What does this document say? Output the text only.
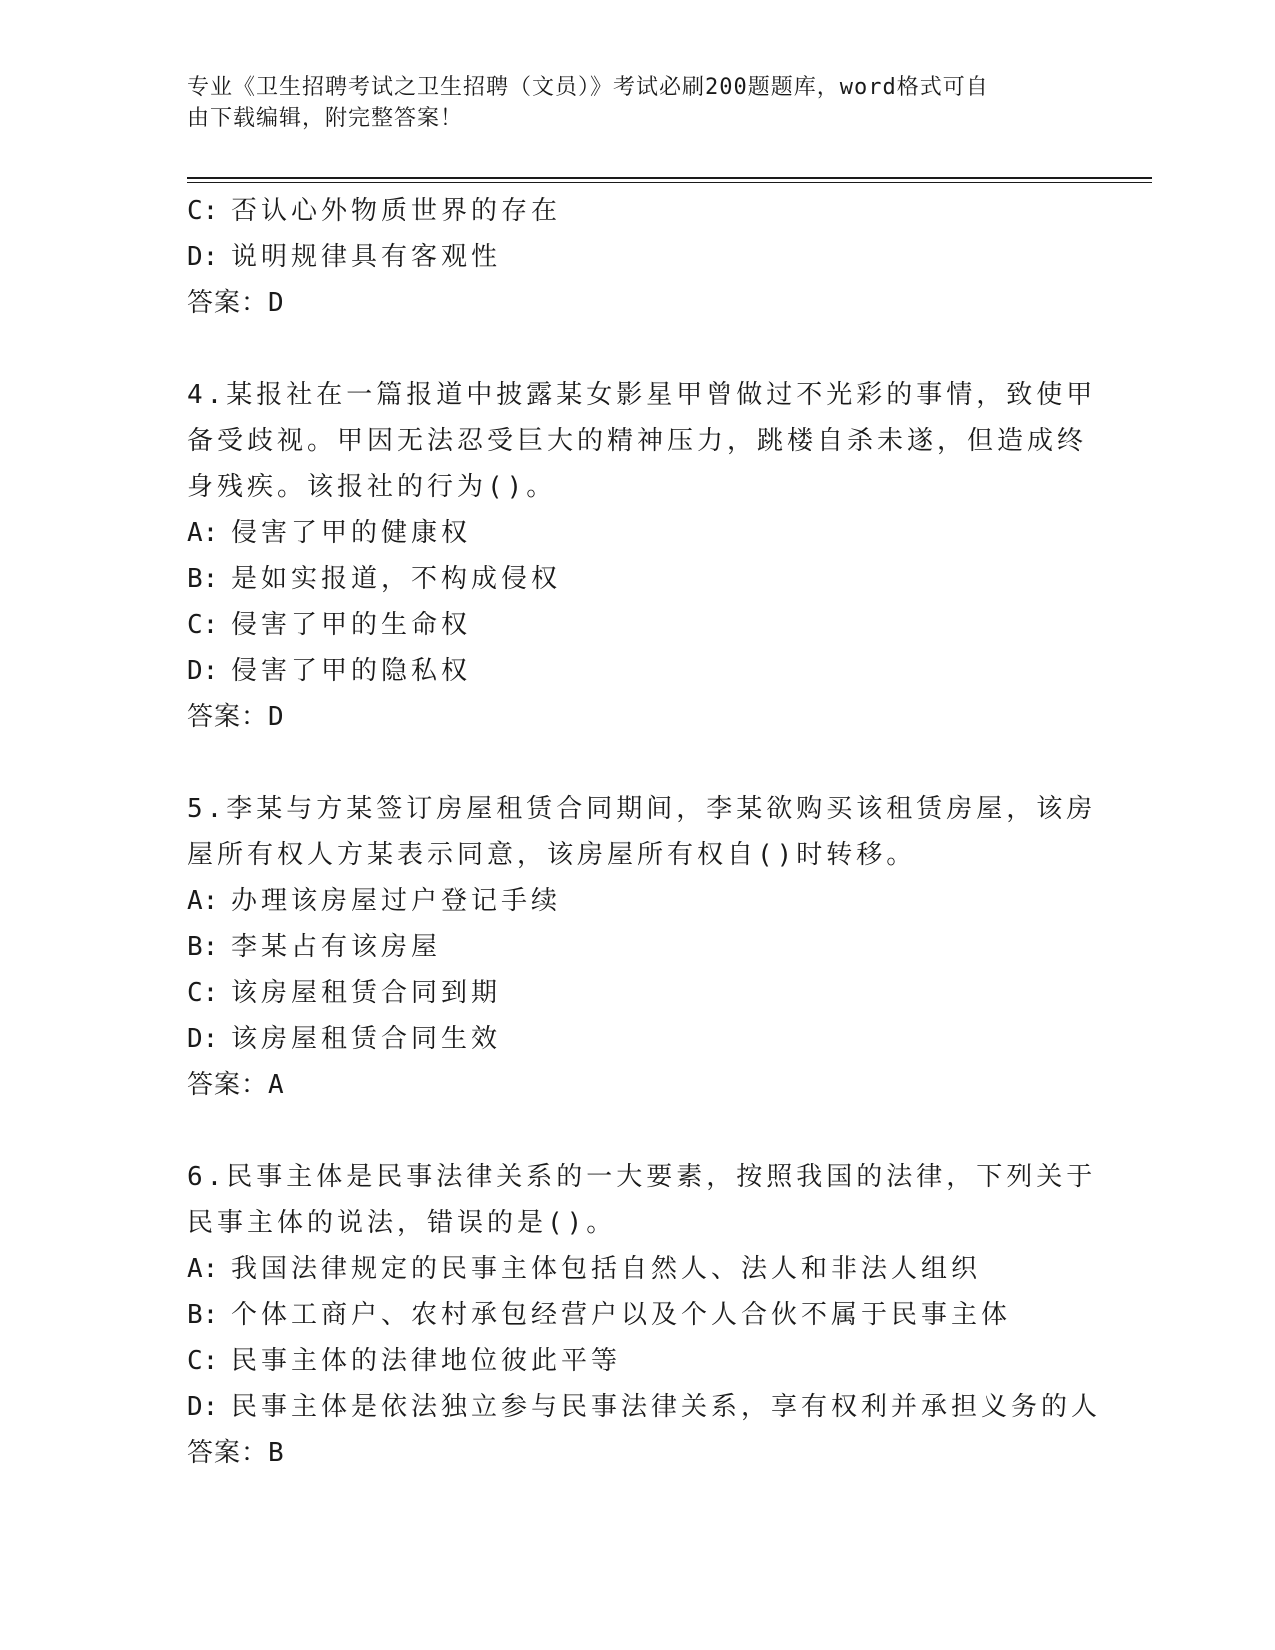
专业《卫生招聘考试之卫生招聘（文员）》考试必刷200题题库，word格式可自
由下载编辑，附完整答案！
C: 否认心外物质世界的存在
D: 说明规律具有客观性
答案：D
4.某报社在一篇报道中披露某女影星甲曾做过不光彩的事情，致使甲
备受歧视。甲因无法忍受巨大的精神压力，跳楼自杀未遂，但造成终
身残疾。该报社的行为()。
A: 侵害了甲的健康权
B: 是如实报道，不构成侵权
C: 侵害了甲的生命权
D: 侵害了甲的隐私权
答案：D
5.李某与方某签订房屋租赁合同期间，李某欲购买该租赁房屋，该房
屋所有权人方某表示同意，该房屋所有权自()时转移。
A: 办理该房屋过户登记手续
B: 李某占有该房屋
C: 该房屋租赁合同到期
D: 该房屋租赁合同生效
答案：A
6.民事主体是民事法律关系的一大要素，按照我国的法律，下列关于
民事主体的说法，错误的是()。
A: 我国法律规定的民事主体包括自然人、法人和非法人组织
B: 个体工商户、农村承包经营户以及个人合伙不属于民事主体
C: 民事主体的法律地位彼此平等
D: 民事主体是依法独立参与民事法律关系，享有权利并承担义务的人
答案：B
